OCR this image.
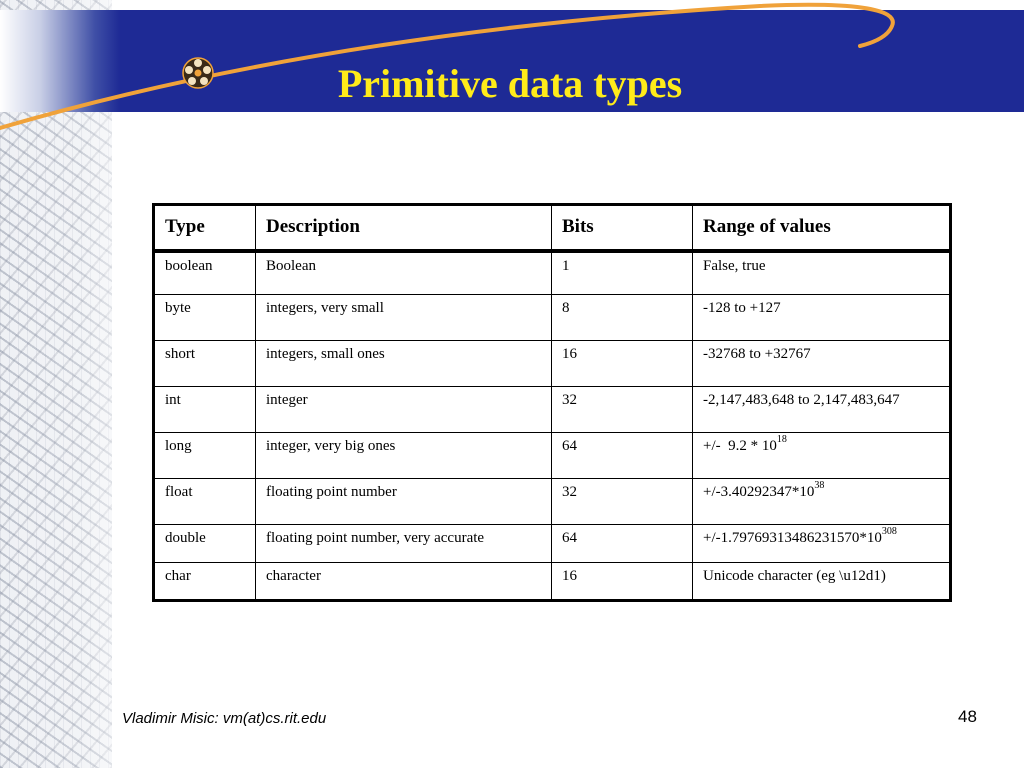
Primitive data types
Type	Description	Bits	Range of values
boolean	Boolean	1	False, true
byte	integers, very small	8	-128 to +127
short	integers, small ones	16	-32768 to +32767
int	integer	32	-2,147,483,648 to 2,147,483,647
long	integer, very big ones	64	+/-  $9.2 * 10^{18}$
float	floating point number	32	$+/-3.40292347*10^{38}$
double	floating point number, very accurate	64	$+/-1.79769313486231570*10^{308}$
char	character	16	Unicode character (eg \u12d1)
Vladimir Misic: vm(at)cs.rit.edu	48
